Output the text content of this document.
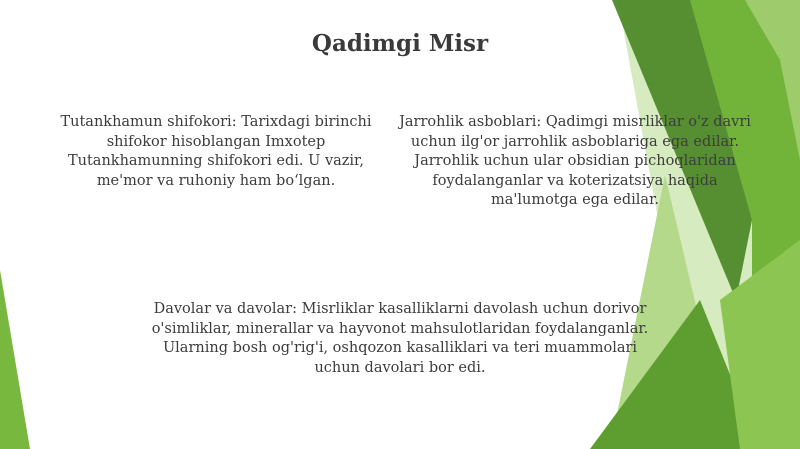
Qadimgi Misr

Tutankhamun shifokori: Tarixdagi birinchi shifokor hisoblangan Imxotep Tutankhamunning shifokori edi. U vazir, me'mor va ruhoniy ham bo‘lgan.

Jarrohlik asboblari: Qadimgi misrliklar o'z davri uchun ilg'or jarrohlik asboblariga ega edilar. Jarrohlik uchun ular obsidian pichoqlaridan foydalanganlar va koterizatsiya haqida ma'lumotga ega edilar.

Davolar va davolar: Misrliklar kasalliklarni davolash uchun dorivor o'simliklar, minerallar va hayvonot mahsulotlaridan foydalanganlar. Ularning bosh og'rig'i, oshqozon kasalliklari va teri muammolari uchun davolari bor edi.
